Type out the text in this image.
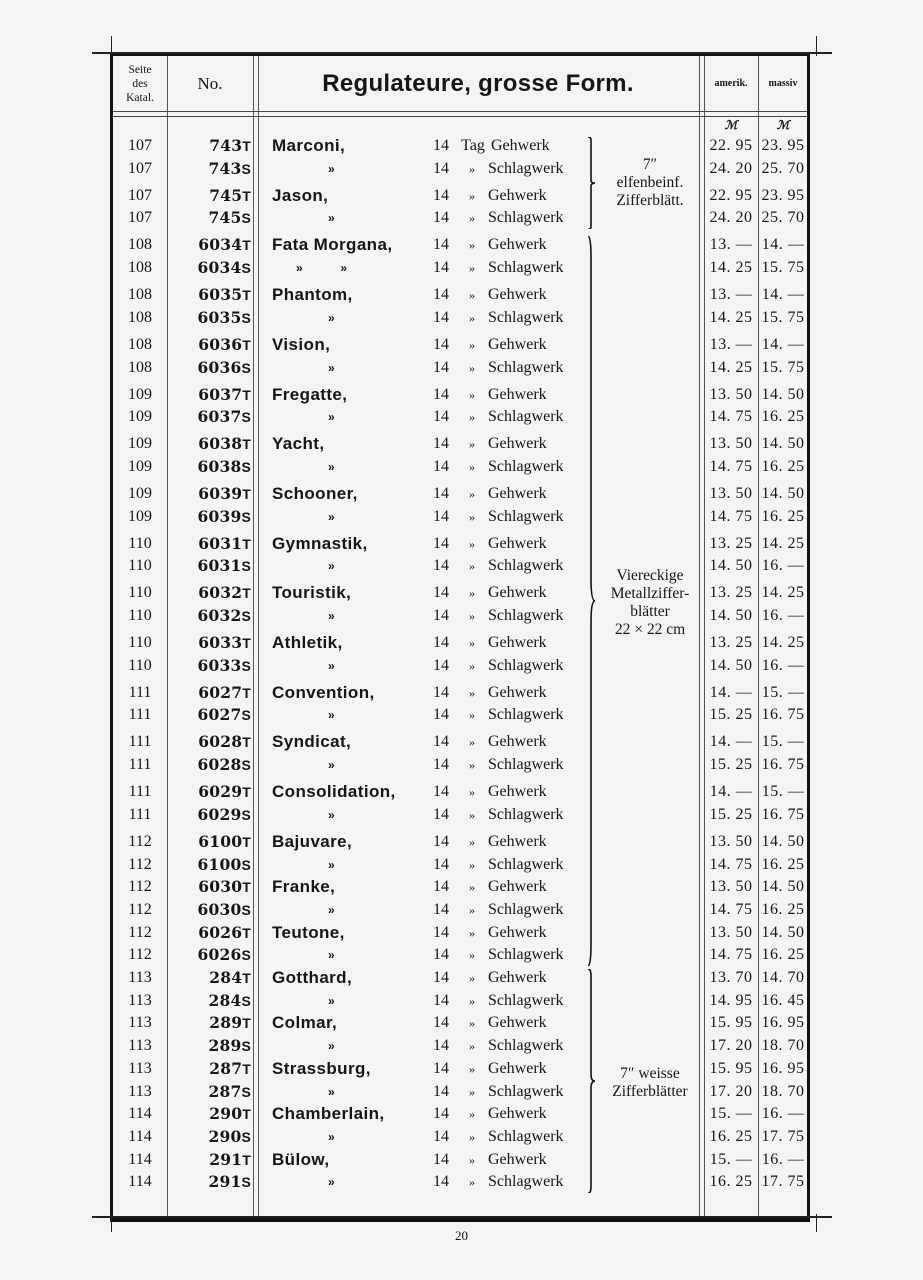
Seite
des
Katal.
No.	Regulateure, grosse Form.	amerik.	massiv
ℳ	ℳ
107	743T Marconi,	14 Tag Gehwerk	22. 95 23. 95
107	743S	»	14	» Schlagwerk	24. 20 25. 70
107	745T Jason,	14	» Gehwerk	22. 95 23. 95
107	745S	»	14	» Schlagwerk	24. 20 25. 70
108	6034T Fata Morgana,	14	» Gehwerk	13. — 14. —
108	6034S	»          »	14	» Schlagwerk	14. 25 15. 75
108	6035T Phantom,	14	» Gehwerk	13. — 14. —
108	6035S	»	14	» Schlagwerk	14. 25 15. 75
108	6036T Vision,	14	» Gehwerk	13. — 14. —
108	6036S	»	14	» Schlagwerk	14. 25 15. 75
109	6037T Fregatte,	14	» Gehwerk	13. 50 14. 50
109	6037S	»	14	» Schlagwerk	14. 75 16. 25
109	6038T Yacht,	14	» Gehwerk	13. 50 14. 50
109	6038S	»	14	» Schlagwerk	14. 75 16. 25
109	6039T Schooner,	14	» Gehwerk	13. 50 14. 50
109	6039S	»	14	» Schlagwerk	14. 75 16. 25
110	6031T Gymnastik,	14	» Gehwerk	13. 25 14. 25
110	6031S	»	14	» Schlagwerk	14. 50 16. —
110	6032T Touristik,	14	» Gehwerk	13. 25 14. 25
110	6032S	»	14	» Schlagwerk	14. 50 16. —
110	6033T Athletik,	14	» Gehwerk	13. 25 14. 25
110	6033S	»	14	» Schlagwerk	14. 50 16. —
111	6027T Convention,	14	» Gehwerk	14. — 15. —
111	6027S	»	14	» Schlagwerk	15. 25 16. 75
111	6028T Syndicat,	14	» Gehwerk	14. — 15. —
111	6028S	»	14	» Schlagwerk	15. 25 16. 75
111	6029T Consolidation, 14	» Gehwerk	14. — 15. —
111	6029S	»	14	» Schlagwerk	15. 25 16. 75
112	6100T Bajuvare,	14	» Gehwerk	13. 50 14. 50
112	6100S	»	14	» Schlagwerk	14. 75 16. 25
112	6030T Franke,	14	» Gehwerk	13. 50 14. 50
112	6030S	»	14	» Schlagwerk	14. 75 16. 25
112	6026T Teutone,	14	» Gehwerk	13. 50 14. 50
112	6026S	»	14	» Schlagwerk	14. 75 16. 25
113	284T Gotthard,	14	» Gehwerk	13. 70 14. 70
113	284S	»	14	» Schlagwerk	14. 95 16. 45
113	289T Colmar,	14	» Gehwerk	15. 95 16. 95
113	289S	»	14	» Schlagwerk	17. 20 18. 70
113	287T Strassburg,	14	» Gehwerk	15. 95 16. 95
113	287S	»	14	» Schlagwerk	17. 20 18. 70
114	290T Chamberlain,	14	» Gehwerk	15. — 16. —
114	290S	»	14	» Schlagwerk	16. 25 17. 75
114	291T Bülow,	14	» Gehwerk	15. — 16. —
114	291S	»	14	» Schlagwerk	16. 25 17. 75
7″
elfenbeinf.
Zifferblätt.
Viereckige
Metallziffer-
blätter
22 × 22 cm
7″ weisse
Zifferblätter
20
